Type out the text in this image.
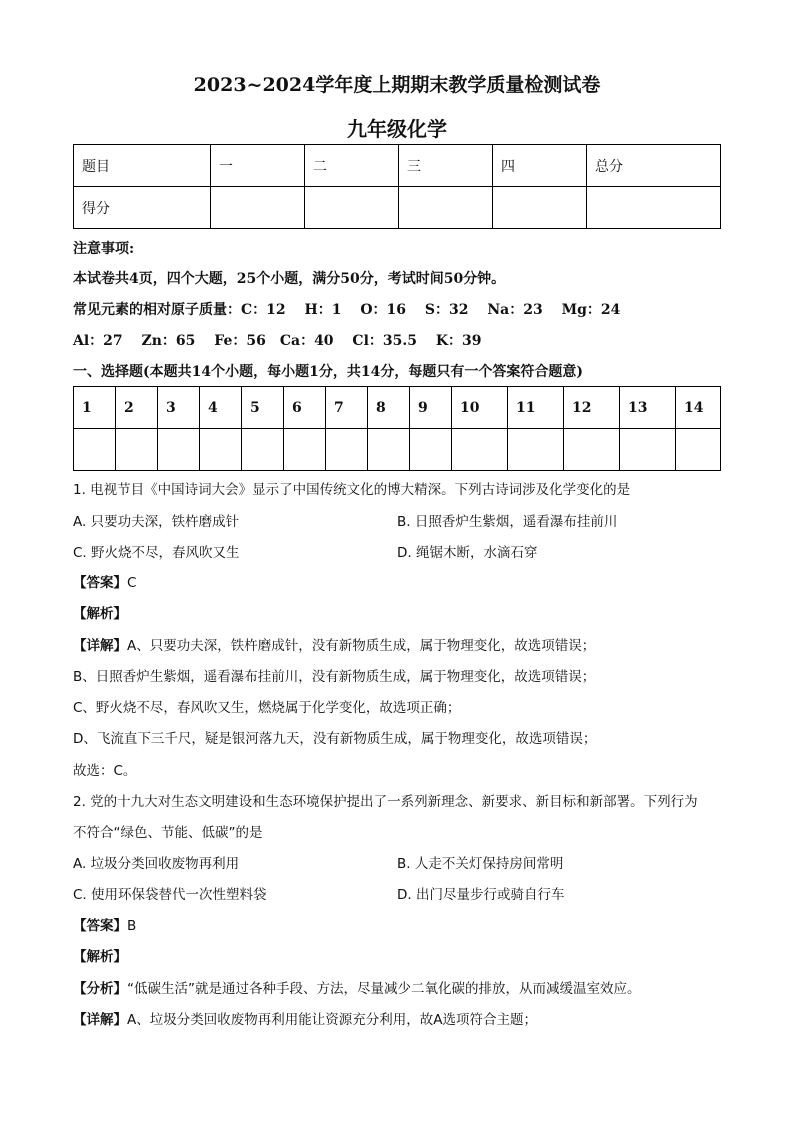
2023~2024学年度上期期末教学质量检测试卷
九年级化学
题目	一	二	三	四	总分
得分					
注意事项:
本试卷共4页，四个大题，25个小题，满分50分，考试时间50分钟。
常见元素的相对原子质量：C：12　 H：1　 O：16　 S：32　 Na：23　 Mg：24
Al：27　 Zn：65　 Fe：56　Ca：40　 Cl：35.5　 K：39
一、选择题(本题共14个小题，每小题1分，共14分，每题只有一个答案符合题意)
1	2	3	4	5	6	7	8	9	10	11	12	13	14

1. 电视节目《中国诗词大会》显示了中国传统文化的博大精深。下列古诗词涉及化学变化的是
A. 只要功夫深，铁杵磨成针	B. 日照香炉生紫烟，遥看瀑布挂前川
C. 野火烧不尽，春风吹又生	D. 绳锯木断，水滴石穿
【答案】C
【解析】
【详解】A、只要功夫深，铁杵磨成针，没有新物质生成，属于物理变化，故选项错误；
B、日照香炉生紫烟，遥看瀑布挂前川，没有新物质生成，属于物理变化，故选项错误；
C、野火烧不尽，春风吹又生，燃烧属于化学变化，故选项正确；
D、飞流直下三千尺，疑是银河落九天，没有新物质生成，属于物理变化，故选项错误；
故选：C。
2. 党的十九大对生态文明建设和生态环境保护提出了一系列新理念、新要求、新目标和新部署。下列行为
不符合“绿色、节能、低碳”的是
A. 垃圾分类回收废物再利用	B. 人走不关灯保持房间常明
C. 使用环保袋替代一次性塑料袋	D. 出门尽量步行或骑自行车
【答案】B
【解析】
【分析】“低碳生活”就是通过各种手段、方法，尽量减少二氧化碳的排放，从而减缓温室效应。
【详解】A、垃圾分类回收废物再利用能让资源充分利用，故A选项符合主题；
